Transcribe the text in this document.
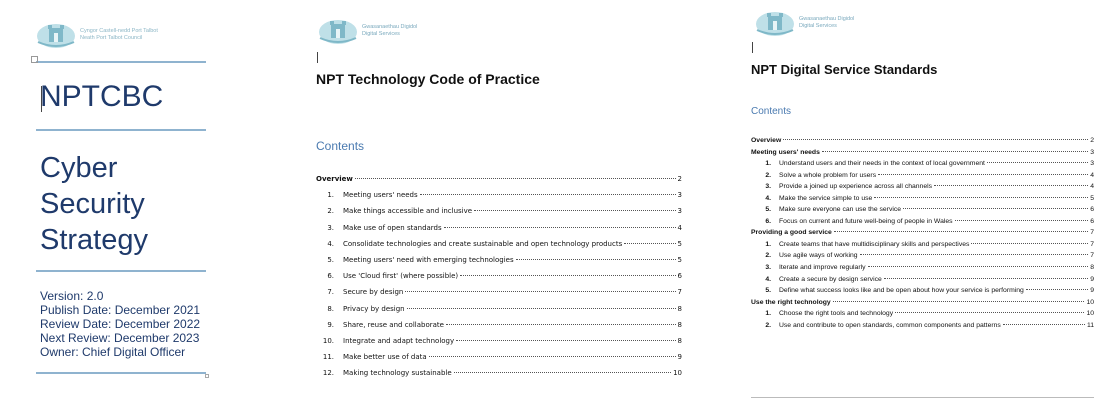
Cyngor Castell-nedd Port Talbot
Neath Port Talbot Council
NPTCBC
Cyber
Security
Strategy
Version: 2.0
Publish Date: December 2021
Review Date: December 2022
Next Review: December 2023
Owner: Chief Digital Officer
Gwasanaethau Digidol
Digital Services
NPT Technology Code of Practice
Contents
Overview	2
1. Meeting users' needs	3
2. Make things accessible and inclusive	3
3. Make use of open standards	4
4. Consolidate technologies and create sustainable and open technology products	5
5. Meeting users' need with emerging technologies	5
6. Use 'Cloud first' (where possible)	6
7. Secure by design	7
8. Privacy by design	8
9. Share, reuse and collaborate	8
10. Integrate and adapt technology	8
11. Make better use of data	9
12. Making technology sustainable	10
Gwasanaethau Digidol
Digital Services
NPT Digital Service Standards
Contents
Overview	2
Meeting users' needs	3
1. Understand users and their needs in the context of local government	3
2. Solve a whole problem for users	4
3. Provide a joined up experience across all channels	4
4. Make the service simple to use	5
5. Make sure everyone can use the service	6
6. Focus on current and future well-being of people in Wales	6
Providing a good service	7
1. Create teams that have multidisciplinary skills and perspectives	7
2. Use agile ways of working	7
3. Iterate and improve regularly	8
4. Create a secure by design service	9
5. Define what success looks like and be open about how your service is performing	9
Use the right technology	10
1. Choose the right tools and technology	10
2. Use and contribute to open standards, common components and patterns	11
